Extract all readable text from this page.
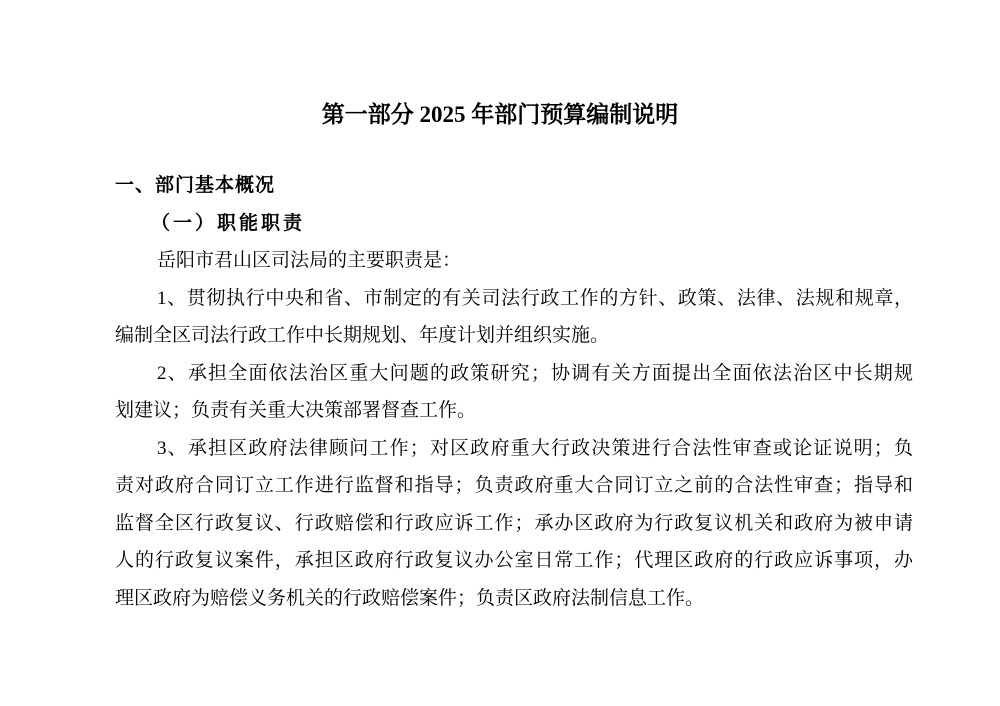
第一部分 2025 年部门预算编制说明
一、部门基本概况
（一）职能职责
岳阳市君山区司法局的主要职责是：
1、贯彻执行中央和省、市制定的有关司法行政工作的方针、政策、法律、法规和规章，
编制全区司法行政工作中长期规划、年度计划并组织实施。
2、承担全面依法治区重大问题的政策研究；协调有关方面提出全面依法治区中长期规
划建议；负责有关重大决策部署督查工作。
3、承担区政府法律顾问工作；对区政府重大行政决策进行合法性审查或论证说明；负
责对政府合同订立工作进行监督和指导；负责政府重大合同订立之前的合法性审查；指导和
监督全区行政复议、行政赔偿和行政应诉工作；承办区政府为行政复议机关和政府为被申请
人的行政复议案件，承担区政府行政复议办公室日常工作；代理区政府的行政应诉事项，办
理区政府为赔偿义务机关的行政赔偿案件；负责区政府法制信息工作。
